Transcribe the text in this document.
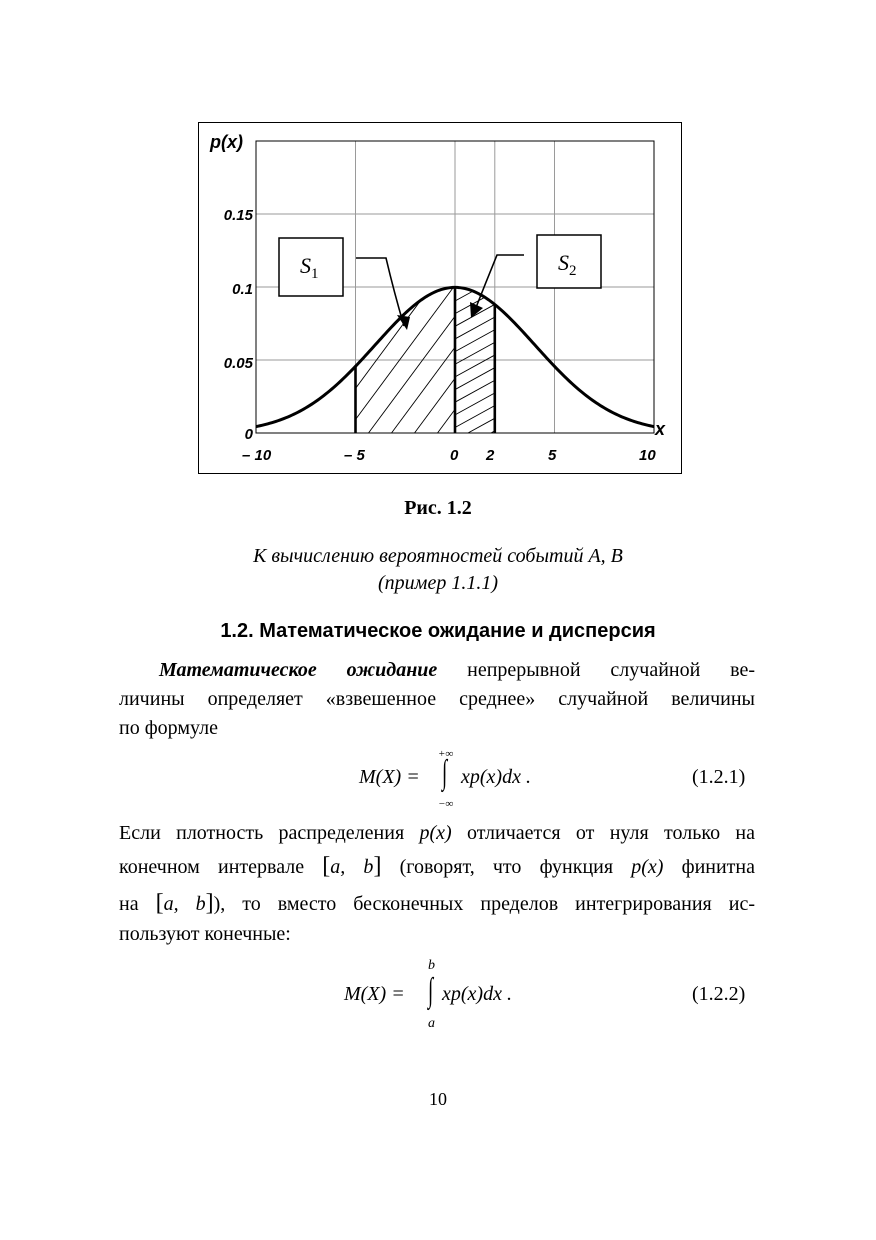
p(x)
x
0.15
0.1
0.05
0
– 10	– 5	0 2	5	10
$S_1$	$S_2$
Рис. 1.2
К вычислению вероятностей событий А, В
(пример 1.1.1)
1.2. Математическое ожидание и дисперсия
Математическое ожидание непрерывной случайной ве-
личины определяет «взвешенное среднее» случайной величины
по формуле
M(X) =
+∞
∫
−∞
xp(x)dx .	(1.2.1)
Если плотность распределения p(x) отличается от нуля только на
конечном интервале [a, b] (говорят, что функция p(x) финитна
на [a, b]), то вместо бесконечных пределов интегрирования ис-
пользуют конечные:
M(X) =
b
∫
a
xp(x)dx .	(1.2.2)
10
